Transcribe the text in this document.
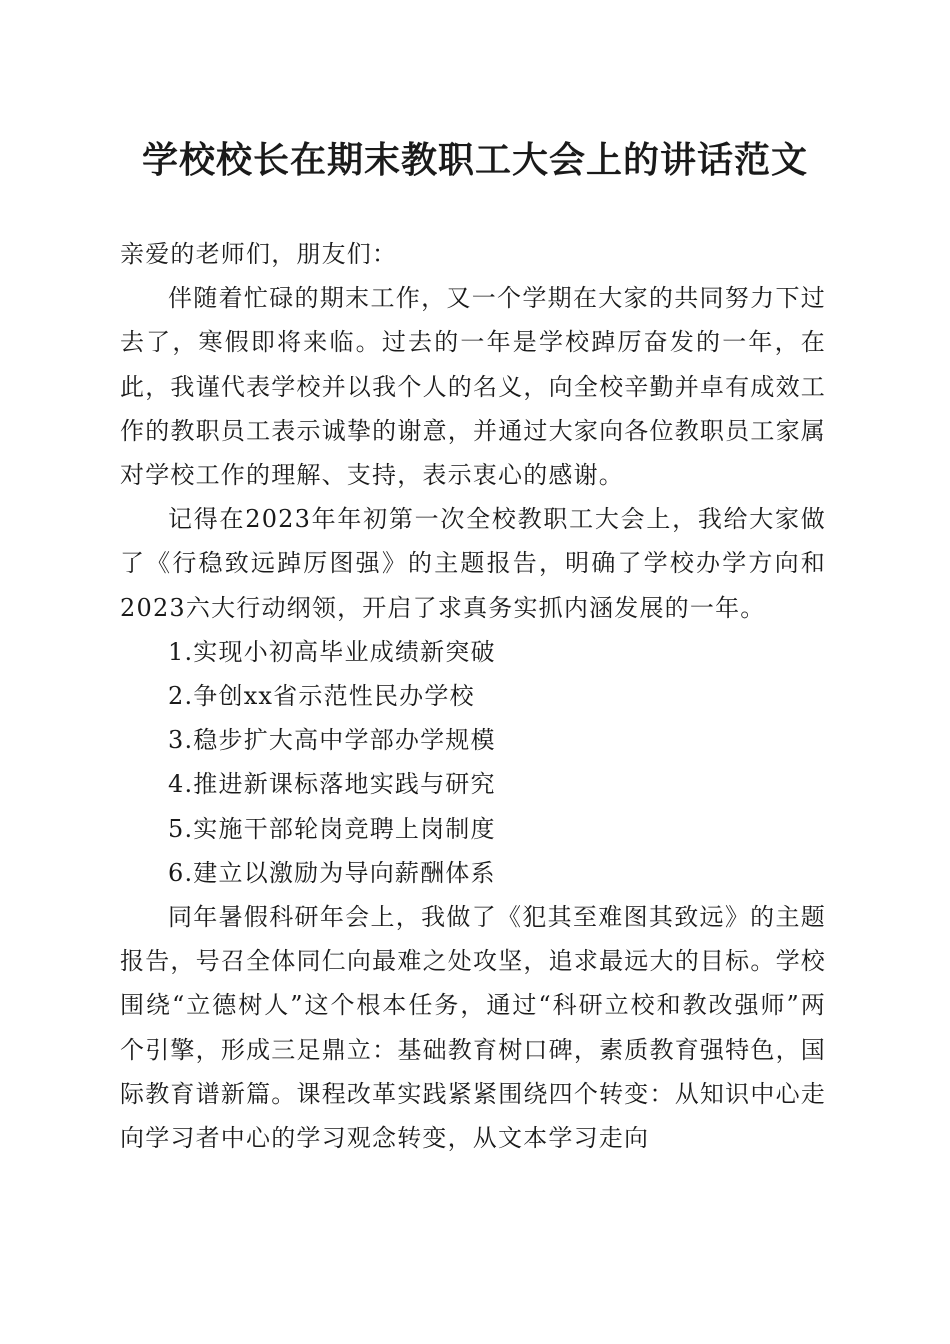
学校校长在期末教职工大会上的讲话范文

亲爱的老师们，朋友们：

伴随着忙碌的期末工作，又一个学期在大家的共同努力下过去了，寒假即将来临。过去的一年是学校踔厉奋发的一年，在此，我谨代表学校并以我个人的名义，向全校辛勤并卓有成效工作的教职员工表示诚挚的谢意，并通过大家向各位教职员工家属对学校工作的理解、支持，表示衷心的感谢。

记得在2023年年初第一次全校教职工大会上，我给大家做了《行稳致远踔厉图强》的主题报告，明确了学校办学方向和2023六大行动纲领，开启了求真务实抓内涵发展的一年。

1.实现小初高毕业成绩新突破

2.争创xx省示范性民办学校

3.稳步扩大高中学部办学规模

4.推进新课标落地实践与研究

5.实施干部轮岗竞聘上岗制度

6.建立以激励为导向薪酬体系

同年暑假科研年会上，我做了《犯其至难图其致远》的主题报告，号召全体同仁向最难之处攻坚，追求最远大的目标。学校围绕“立德树人”这个根本任务，通过“科研立校和教改强师”两个引擎，形成三足鼎立：基础教育树口碑，素质教育强特色，国际教育谱新篇。课程改革实践紧紧围绕四个转变：从知识中心走向学习者中心的学习观念转变，从文本学习走向
